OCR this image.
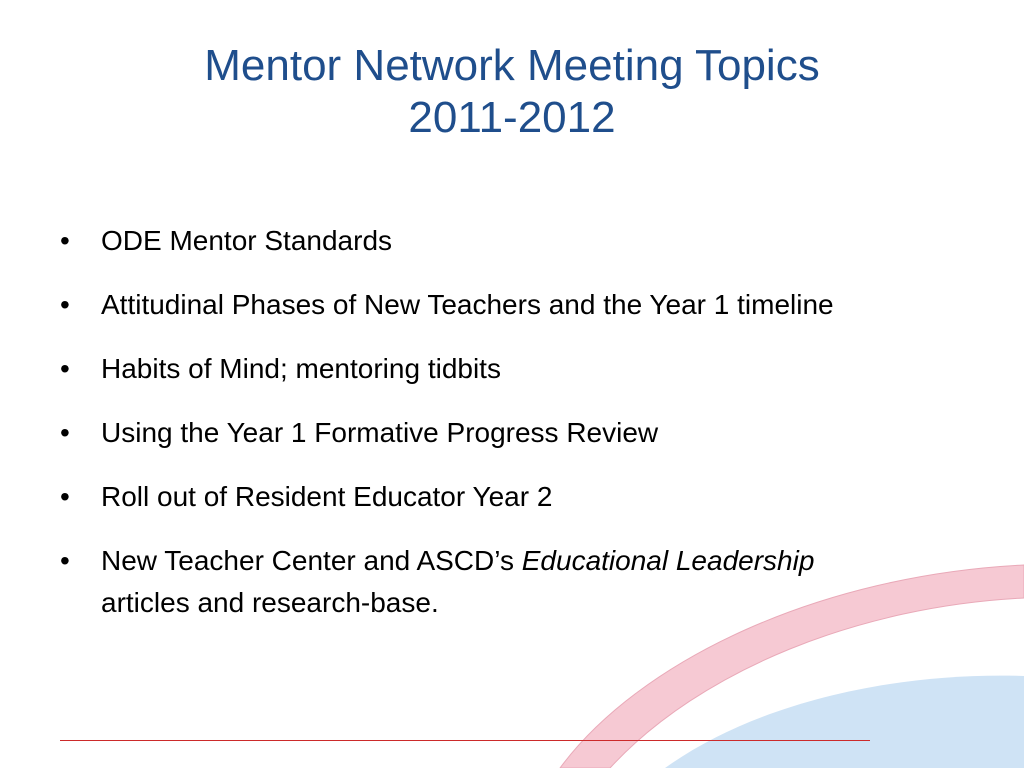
Mentor Network Meeting Topics
2011-2012
•	ODE Mentor Standards
•	Attitudinal Phases of New Teachers and the Year 1 timeline
•	Habits of Mind; mentoring tidbits
•	Using the Year 1 Formative Progress Review
•	Roll out of Resident Educator Year 2
•	New Teacher Center and ASCD’s Educational Leadership articles and research-base.
